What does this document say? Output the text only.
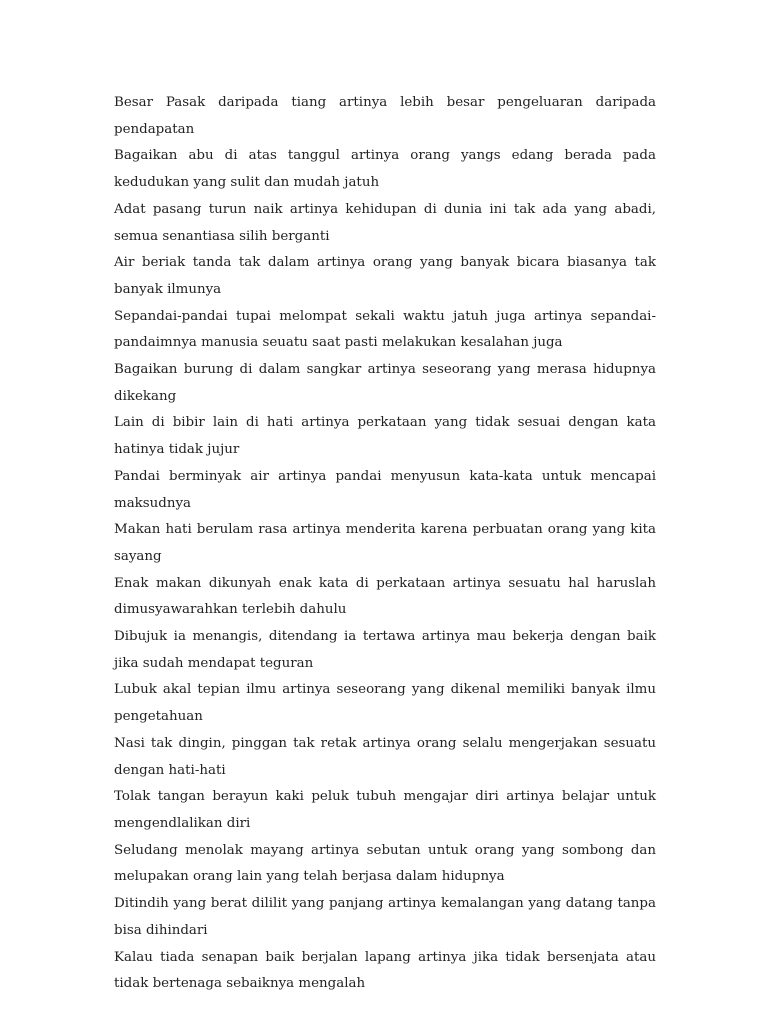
Besar Pasak daripada tiang artinya lebih besar pengeluaran daripada pendapatan

Bagaikan abu di atas tanggul artinya orang yangs edang berada pada kedudukan yang sulit dan mudah jatuh

Adat pasang turun naik artinya kehidupan di dunia ini tak ada yang abadi, semua senantiasa silih berganti

Air beriak tanda tak dalam artinya orang yang banyak bicara biasanya tak banyak ilmunya

Sepandai-pandai tupai melompat sekali waktu jatuh juga artinya sepandai-pandaimnya manusia seuatu saat pasti melakukan kesalahan juga

Bagaikan burung di dalam sangkar artinya seseorang yang merasa hidupnya dikekang

Lain di bibir lain di hati artinya perkataan yang tidak sesuai dengan kata hatinya tidak jujur

Pandai berminyak air artinya pandai menyusun kata-kata untuk mencapai maksudnya

Makan hati berulam rasa artinya menderita karena perbuatan orang yang kita sayang

Enak makan dikunyah enak kata di perkataan artinya sesuatu hal haruslah dimusyawarahkan terlebih dahulu

Dibujuk ia menangis, ditendang ia tertawa artinya mau bekerja dengan baik jika sudah mendapat teguran

Lubuk akal tepian ilmu artinya seseorang yang dikenal memiliki banyak ilmu pengetahuan

Nasi tak dingin, pinggan tak retak artinya orang selalu mengerjakan sesuatu dengan hati-hati

Tolak tangan berayun kaki peluk tubuh mengajar diri artinya belajar untuk mengendlalikan diri

Seludang menolak mayang artinya sebutan untuk orang yang sombong dan melupakan orang lain yang telah berjasa dalam hidupnya

Ditindih yang berat dililit yang panjang artinya kemalangan yang datang tanpa bisa dihindari

Kalau tiada senapan baik berjalan lapang artinya jika tidak bersenjata atau tidak bertenaga sebaiknya mengalah
